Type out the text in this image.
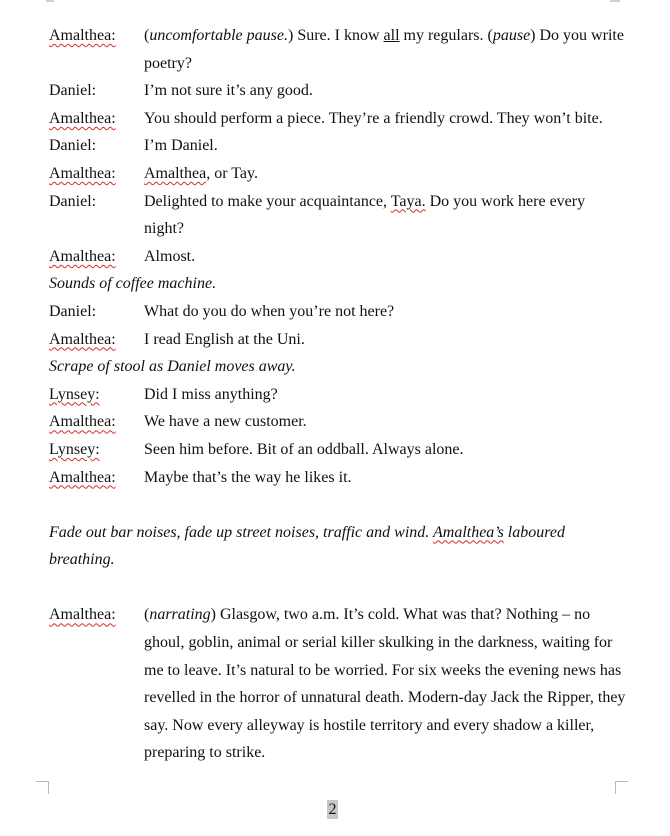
Amalthea:	(uncomfortable pause.) Sure. I know all my regulars. (pause) Do you write poetry?
Daniel:	I’m not sure it’s any good.
Amalthea:	You should perform a piece. They’re a friendly crowd. They won’t bite.
Daniel:	I’m Daniel.
Amalthea:	Amalthea, or Tay.
Daniel:	Delighted to make your acquaintance, Taya. Do you work here every night?
Amalthea:	Almost.
Sounds of coffee machine.
Daniel:	What do you do when you’re not here?
Amalthea:	I read English at the Uni.
Scrape of stool as Daniel moves away.
Lynsey:	Did I miss anything?
Amalthea:	We have a new customer.
Lynsey:	Seen him before. Bit of an oddball. Always alone.
Amalthea:	Maybe that’s the way he likes it.
Fade out bar noises, fade up street noises, traffic and wind. Amalthea’s laboured breathing.
Amalthea:	(narrating) Glasgow, two a.m. It’s cold. What was that? Nothing – no ghoul, goblin, animal or serial killer skulking in the darkness, waiting for me to leave. It’s natural to be worried. For six weeks the evening news has revelled in the horror of unnatural death. Modern-day Jack the Ripper, they say. Now every alleyway is hostile territory and every shadow a killer, preparing to strike.
2
